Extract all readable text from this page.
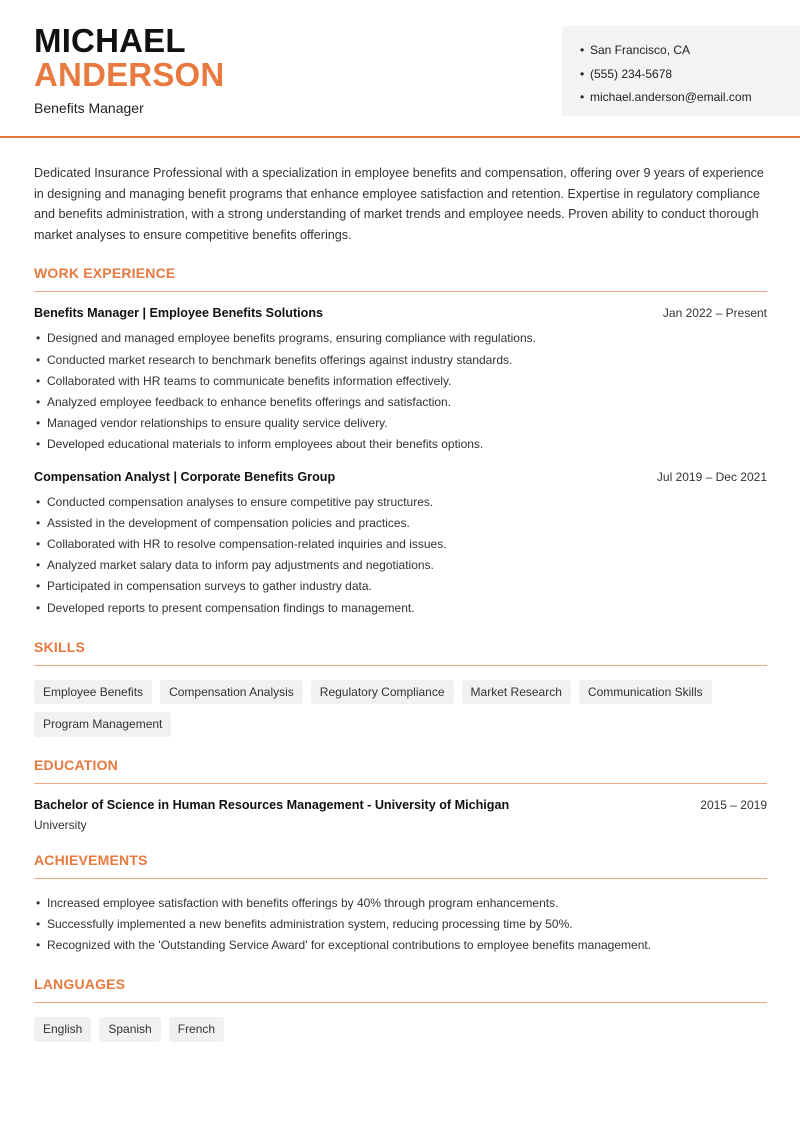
MICHAEL
ANDERSON
Benefits Manager
• San Francisco, CA
• (555) 234-5678
• michael.anderson@email.com

Dedicated Insurance Professional with a specialization in employee benefits and compensation, offering over 9 years of experience in designing and managing benefit programs that enhance employee satisfaction and retention. Expertise in regulatory compliance and benefits administration, with a strong understanding of market trends and employee needs. Proven ability to conduct thorough market analyses to ensure competitive benefits offerings.

WORK EXPERIENCE
Benefits Manager | Employee Benefits Solutions	Jan 2022 – Present
• Designed and managed employee benefits programs, ensuring compliance with regulations.
• Conducted market research to benchmark benefits offerings against industry standards.
• Collaborated with HR teams to communicate benefits information effectively.
• Analyzed employee feedback to enhance benefits offerings and satisfaction.
• Managed vendor relationships to ensure quality service delivery.
• Developed educational materials to inform employees about their benefits options.
Compensation Analyst | Corporate Benefits Group	Jul 2019 – Dec 2021
• Conducted compensation analyses to ensure competitive pay structures.
• Assisted in the development of compensation policies and practices.
• Collaborated with HR to resolve compensation-related inquiries and issues.
• Analyzed market salary data to inform pay adjustments and negotiations.
• Participated in compensation surveys to gather industry data.
• Developed reports to present compensation findings to management.
SKILLS
Employee Benefits	Compensation Analysis	Regulatory Compliance	Market Research	Communication Skills
Program Management
EDUCATION
Bachelor of Science in Human Resources Management - University of Michigan	2015 – 2019
University
ACHIEVEMENTS
• Increased employee satisfaction with benefits offerings by 40% through program enhancements.
• Successfully implemented a new benefits administration system, reducing processing time by 50%.
• Recognized with the 'Outstanding Service Award' for exceptional contributions to employee benefits management.
LANGUAGES
English	Spanish	French
